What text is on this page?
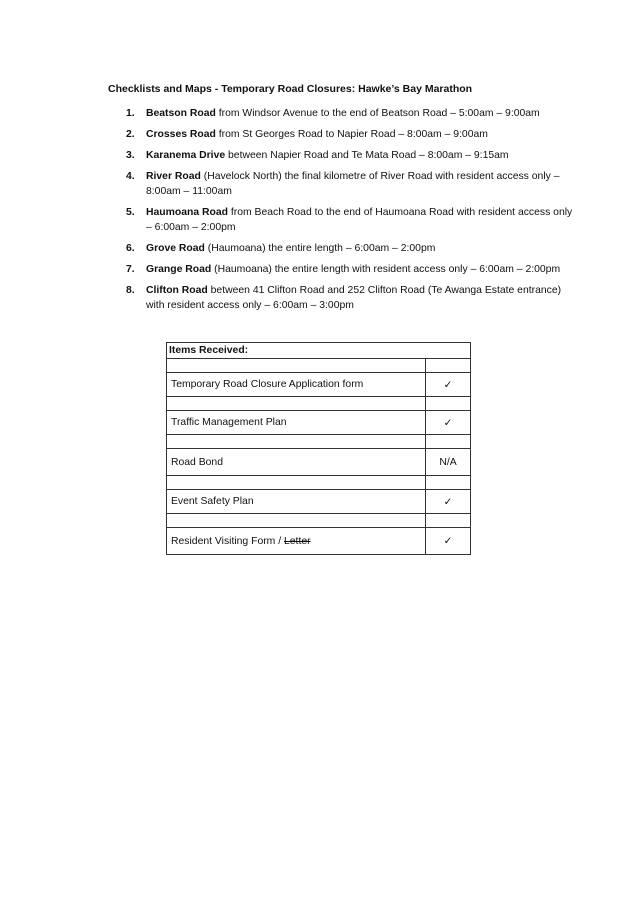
Checklists and Maps - Temporary Road Closures: Hawke’s Bay Marathon
1. Beatson Road from Windsor Avenue to the end of Beatson Road – 5:00am – 9:00am
2. Crosses Road from St Georges Road to Napier Road – 8:00am – 9:00am
3. Karanema Drive between Napier Road and Te Mata Road – 8:00am – 9:15am
4. River Road (Havelock North) the final kilometre of River Road with resident access only – 8:00am – 11:00am
5. Haumoana Road from Beach Road to the end of Haumoana Road with resident access only – 6:00am – 2:00pm
6. Grove Road (Haumoana) the entire length – 6:00am – 2:00pm
7. Grange Road (Haumoana) the entire length with resident access only – 6:00am – 2:00pm
8. Clifton Road between 41 Clifton Road and 252 Clifton Road (Te Awanga Estate entrance) with resident access only – 6:00am – 3:00pm
Items Received:	

Temporary Road Closure Application form	✓

Traffic Management Plan	✓

Road Bond	N/A

Event Safety Plan	✓

Resident Visiting Form / Letter	✓
